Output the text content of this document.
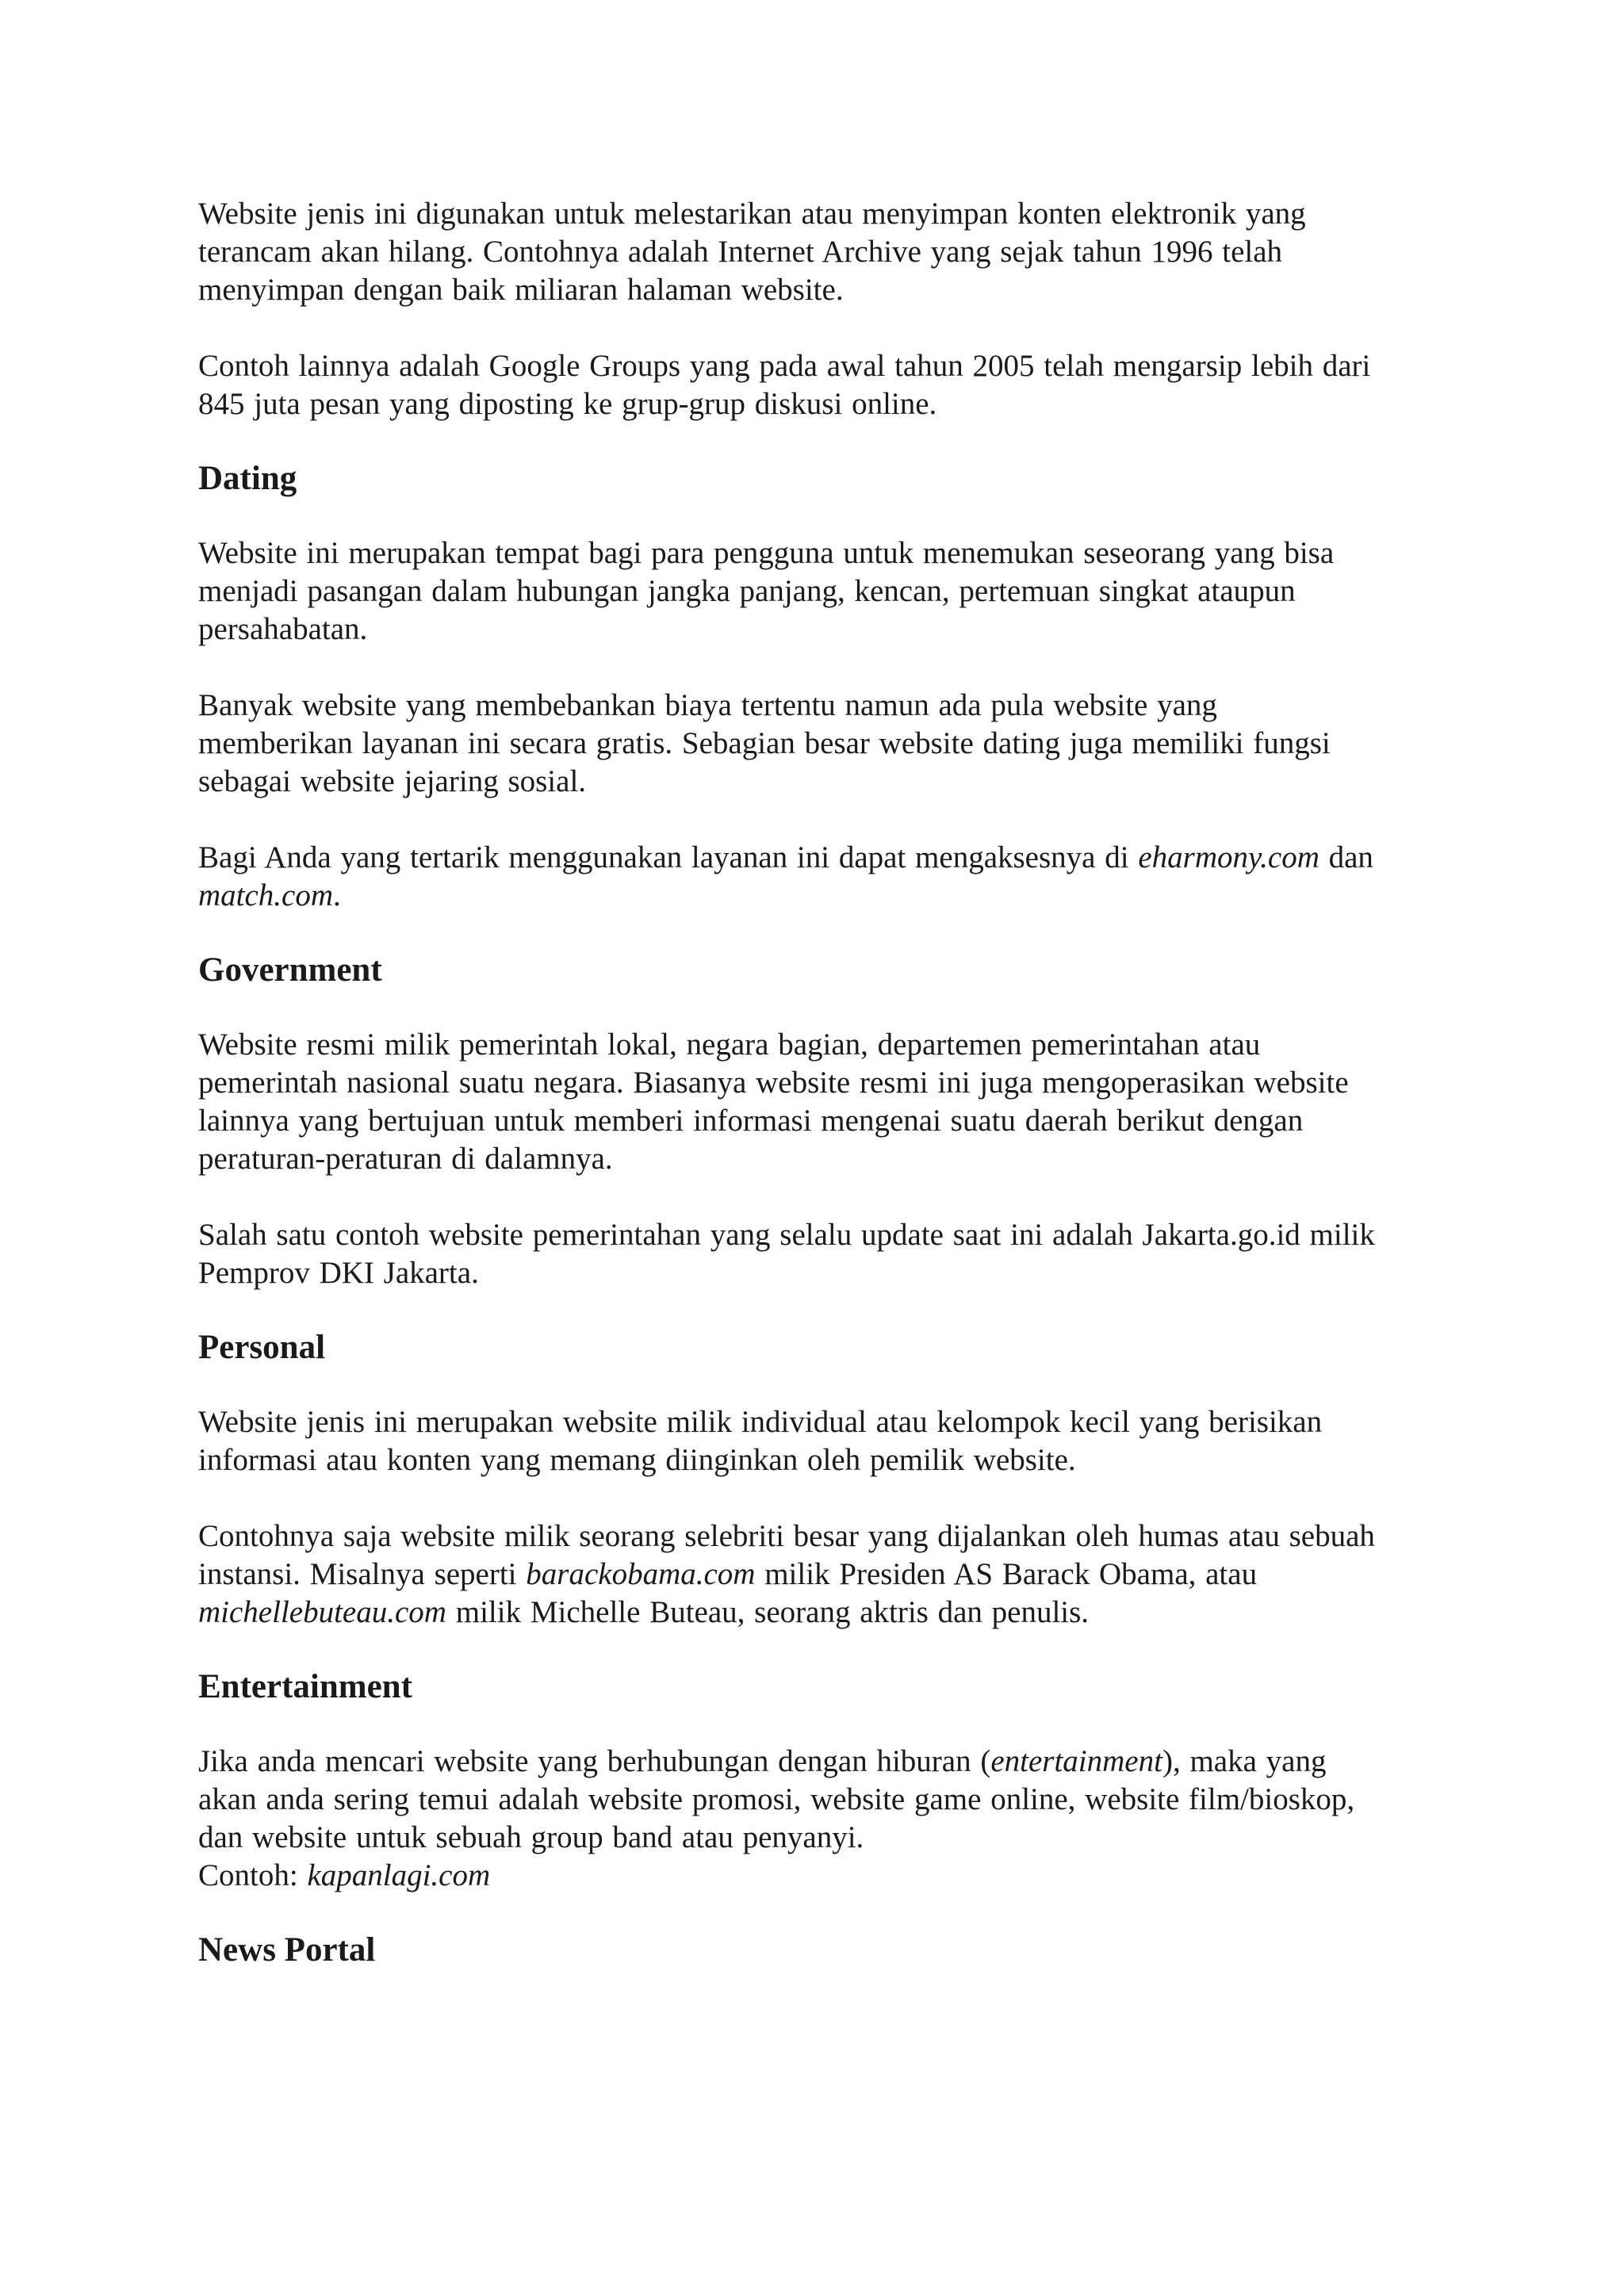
Website jenis ini digunakan untuk melestarikan atau menyimpan konten elektronik yang
terancam akan hilang. Contohnya adalah Internet Archive yang sejak tahun 1996 telah
menyimpan dengan baik miliaran halaman website.

Contoh lainnya adalah Google Groups yang pada awal tahun 2005 telah mengarsip lebih dari
845 juta pesan yang diposting ke grup-grup diskusi online.

Dating

Website ini merupakan tempat bagi para pengguna untuk menemukan seseorang yang bisa
menjadi pasangan dalam hubungan jangka panjang, kencan, pertemuan singkat ataupun
persahabatan.

Banyak website yang membebankan biaya tertentu namun ada pula website yang
memberikan layanan ini secara gratis. Sebagian besar website dating juga memiliki fungsi
sebagai website jejaring sosial.

Bagi Anda yang tertarik menggunakan layanan ini dapat mengaksesnya di eharmony.com dan
match.com.

Government

Website resmi milik pemerintah lokal, negara bagian, departemen pemerintahan atau
pemerintah nasional suatu negara. Biasanya website resmi ini juga mengoperasikan website
lainnya yang bertujuan untuk memberi informasi mengenai suatu daerah berikut dengan
peraturan-peraturan di dalamnya.

Salah satu contoh website pemerintahan yang selalu update saat ini adalah Jakarta.go.id milik
Pemprov DKI Jakarta.

Personal

Website jenis ini merupakan website milik individual atau kelompok kecil yang berisikan
informasi atau konten yang memang diinginkan oleh pemilik website.

Contohnya saja website milik seorang selebriti besar yang dijalankan oleh humas atau sebuah
instansi. Misalnya seperti barackobama.com milik Presiden AS Barack Obama, atau
michellebuteau.com milik Michelle Buteau, seorang aktris dan penulis.

Entertainment

Jika anda mencari website yang berhubungan dengan hiburan (entertainment), maka yang
akan anda sering temui adalah website promosi, website game online, website film/bioskop,
dan website untuk sebuah group band atau penyanyi.
Contoh: kapanlagi.com

News Portal
